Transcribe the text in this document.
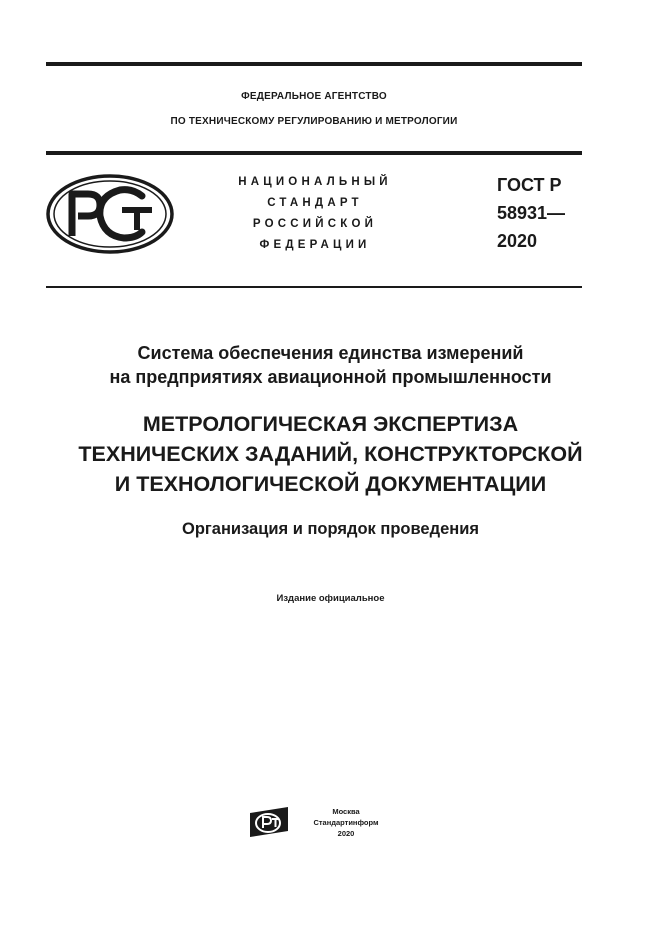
ФЕДЕРАЛЬНОЕ АГЕНТСТВО
ПО ТЕХНИЧЕСКОМУ РЕГУЛИРОВАНИЮ И МЕТРОЛОГИИ
НАЦИОНАЛЬНЫЙ
СТАНДАРТ
РОССИЙСКОЙ
ФЕДЕРАЦИИ
ГОСТ Р
58931—
2020
Система обеспечения единства измерений
на предприятиях авиационной промышленности
МЕТРОЛОГИЧЕСКАЯ ЭКСПЕРТИЗА
ТЕХНИЧЕСКИХ ЗАДАНИЙ, КОНСТРУКТОРСКОЙ
И ТЕХНОЛОГИЧЕСКОЙ ДОКУМЕНТАЦИИ
Организация и порядок проведения
Издание официальное
Москва
Стандартинформ
2020
